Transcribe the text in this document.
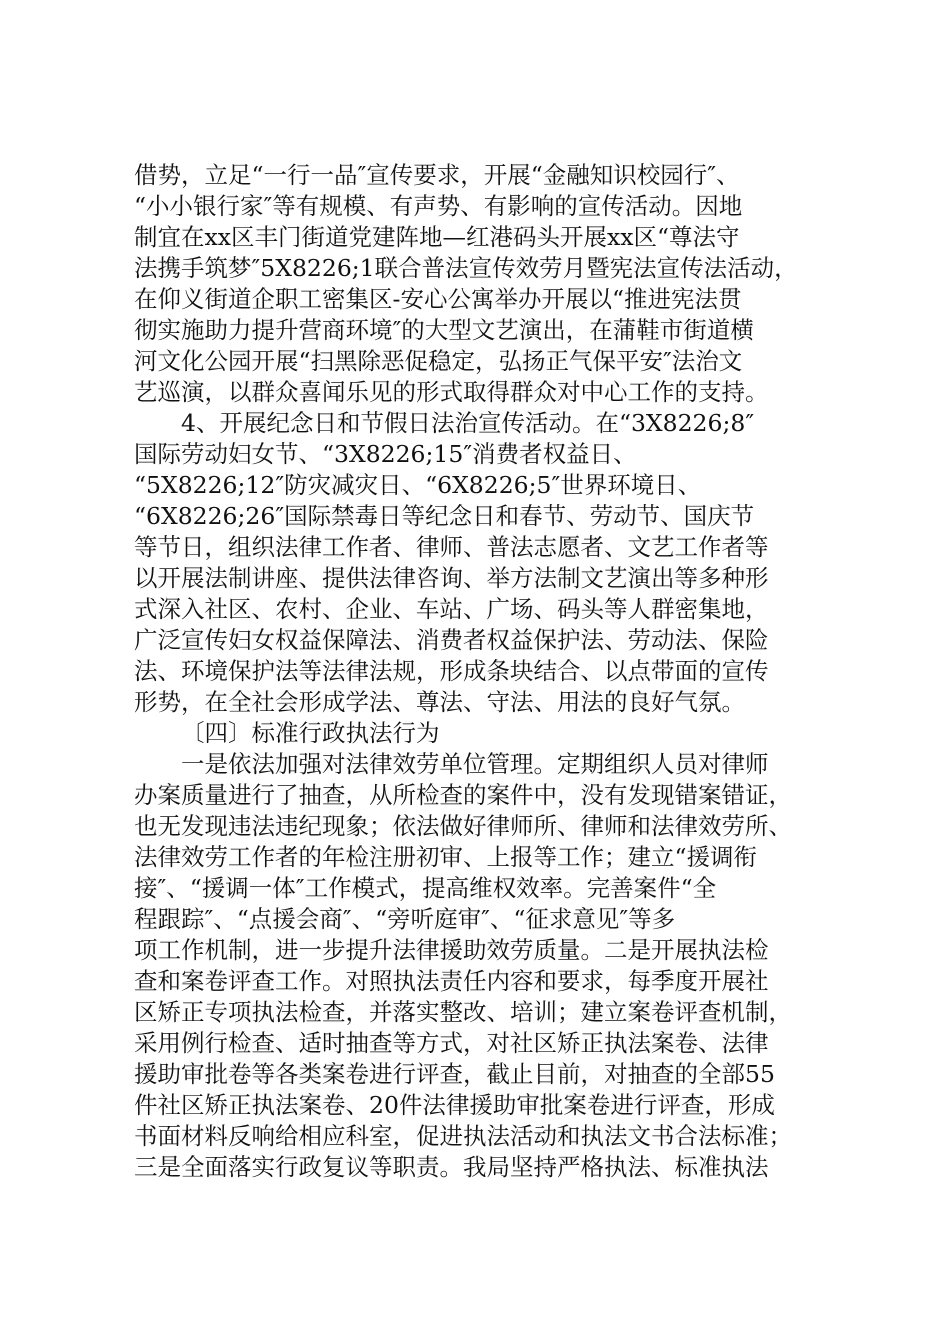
借势，立足“一行一品″宣传要求，开展“金融知识校园行″、
“小小银行家″等有规模、有声势、有影响的宣传活动。因地
制宜在xx区丰门街道党建阵地—红港码头开展xx区“尊法守
法携手筑梦″5X8226;1联合普法宣传效劳月暨宪法宣传法活动，
在仰义街道企职工密集区-安心公寓举办开展以“推进宪法贯
彻实施助力提升营商环境″的大型文艺演出，在蒲鞋市街道横
河文化公园开展“扫黑除恶促稳定，弘扬正气保平安″法治文
艺巡演，以群众喜闻乐见的形式取得群众对中心工作的支持。
4、开展纪念日和节假日法治宣传活动。在“3X8226;8″
国际劳动妇女节、“3X8226;15″消费者权益日、
“5X8226;12″防灾减灾日、“6X8226;5″世界环境日、
“6X8226;26″国际禁毒日等纪念日和春节、劳动节、国庆节
等节日，组织法律工作者、律师、普法志愿者、文艺工作者等
以开展法制讲座、提供法律咨询、举方法制文艺演出等多种形
式深入社区、农村、企业、车站、广场、码头等人群密集地，
广泛宣传妇女权益保障法、消费者权益保护法、劳动法、保险
法、环境保护法等法律法规，形成条块结合、以点带面的宣传
形势，在全社会形成学法、尊法、守法、用法的良好气氛。
〔四〕标准行政执法行为
一是依法加强对法律效劳单位管理。定期组织人员对律师
办案质量进行了抽查，从所检查的案件中，没有发现错案错证，
也无发现违法违纪现象；依法做好律师所、律师和法律效劳所、
法律效劳工作者的年检注册初审、上报等工作；建立“援调衔
接″、“援调一体″工作模式，提高维权效率。完善案件“全
程跟踪″、“点援会商″、“旁听庭审″、“征求意见″等多
项工作机制，进一步提升法律援助效劳质量。二是开展执法检
查和案卷评查工作。对照执法责任内容和要求，每季度开展社
区矫正专项执法检查，并落实整改、培训；建立案卷评查机制，
采用例行检查、适时抽查等方式，对社区矫正执法案卷、法律
援助审批卷等各类案卷进行评查，截止目前，对抽查的全部55
件社区矫正执法案卷、20件法律援助审批案卷进行评查，形成
书面材料反响给相应科室，促进执法活动和执法文书合法标准；
三是全面落实行政复议等职责。我局坚持严格执法、标准执法
